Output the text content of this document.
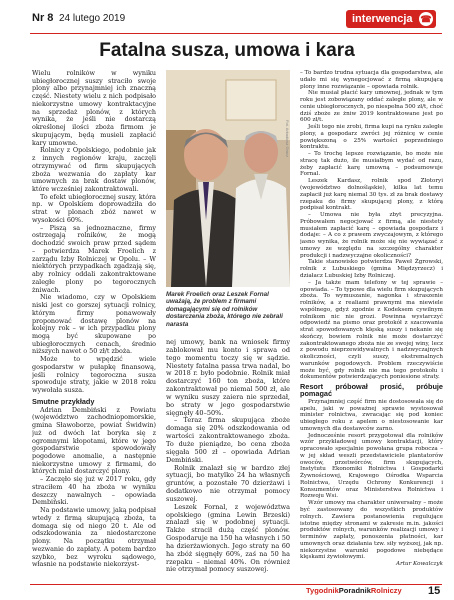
Nr 8 24 lutego 2019	interwencja ☎
Fatalna susza, umowa i kara

Wielu rolników w wyniku ubiegłorocznej suszy straciło swoje plony albo przynajmniej ich znaczną część. Niestety wielu z nich podpisało niekorzystne umowy kontraktacyjne na sprzedaż plonów, z których wynika, że jeśli nie dostarczą określonej ilości zboża firmom je skupującym, będą musieli zapłacić kary umowne.

Rolnicy z Opolskiego, podobnie jak z innych regionów kraju, zaczęli otrzymywać od firm skupujących zboża wezwania do zapłaty kar umownych za brak dostaw plonów, które wcześniej zakontraktowali.

To efekt ubiegłorocznej suszy, która np. w Opolskiem doprowadziła do strat w plonach zbóż nawet w wysokości 60%.

– Piszą sa jednoznaczne, firmy ostrzegają rolników, że mogą dochodzić swoich praw przed sądem – potwierdza Marek Froelich z zarządu Izby Rolniczej w Opolu. – W niektórych przypadkach zgadzają się, aby rolnicy oddali zakontraktowane zaległe plony po tegorocznych żniwach.

Nie wiadomo, czy w Opolskiem niski jest co gorszej sytuacji rolnicy, którym firmy ponawowały proponować dostawę plonów na kolejny rok – w ich przypadku plony mogą być skupowane po ubiegłorocznych cenach, średnio niższych nawet o 50 zł/t zboża.

Może to wpędzić wiele gospodarstw w pułapkę finansową, jeśli rolnicy tegoroczna susza spowoduje straty, jakie w 2018 roku wywołała susza.

Smutne przykłady

Adrian Dembiński z Powiatu (województwo zachodniopomorskie, gmina Sławoborze, powiat Świdwin) już od dwóch lat boryka się z ogromnymi kłopotami, które w jego gospodarstwie spowodowały pogodowe anomalie, a następnie niekorzystne umowy z firmami, do których miał dostarczyć plony.

– Zaczęło się już w 2017 roku, gdy straciłem 40 ha zboża w wyniku deszczy nawalnych – opowiada Dembiński.

Na podstawie umowy, jaką podpisał wtedy z firmą skupującą zboża, ta domaga się od niego 20 t. Ale od odszkodowania za niedostarczone plony. Na początku otrzymał wezwanie do zapłaty. A potem bardzo szybko, bez wyroku sądowego, własnie na podstawie niekorzyst-

Fot. Arkadiusz Gracz
Marek Froelich oraz Leszek Fornal uważają, że problem z firmami domagającymi się od rolników dostarczenia zboża, którego nie zebrali narasta

nej umowy, bank na wniosek firmy zablokował mu konto i sprawa od tego momentu toczy się w sądzie. Niestety fatalna passa trwa nadal, bo w 2018 r. było podobnie. Rolnik miał dostarczyć 160 ton zboża, które zakontraktował po niemal 500 zł, ale w wyniku suszy zaiera nie sprzedał, bo straty w jego gospodarstwie sięgnęły 40–50%.

– Teraz firma skupująca zboże domaga się 20% odszkodowania od wartości zakontraktowanego zboża. To duże pieniądze, bo cena zboża sięgała 500 zł – opowiada Adrian Dembiński.

Rolnik znalazł się w bardzo złej sytuacji, bo matylko 24 ha własnych gruntów, a pozostałe 70 dzierżawi i dodatkowo nie otrzymał pomocy suszowej.

Leszek Fornal, z województwa opolskiego (gmina Lewin Brzeski) znalazł się w podobnej sytuacji. Także stracił dużą część plonów. Gospodaruje na 150 ha własnych i 50 ha dzierżawionych. Jego straty na 60 ha zbóż sięgnęły 60%, zaś na 50 ha rzepaku – niemal 40%. On również nie otrzymał pomocy suszowej.

– To bardzo trudna sytuacja dla gospodarstwa, ale udało mi się wynegocjować z firmą skupującą plony inne rozwiązanie – opowiada rolnik.

Nie musiał płacić kary umownej, jednak w tym roku jest zobowiązany oddać zaległe plony, ale w cenie ubiegłorocznych, po niespełna 500 zł/t, choć dziś zboże ze żniw 2019 kontraktowane jest po 600 zł/t.

Jeśli tego nie zrobi, firma kupi na rynku zaległe plony, a gospodarz zwróci jej różnicę w cenie powiększoną o 25% wartości poprzedniego kontraktu.

– To trochę lepsze rozwiązanie, bo może nie stracę tak dużo, ile musiałbym wydać od razu, żeby zapłacić karę umowną – podsumowuje Fornal.

Leszek Kardasz, rolnik spod Złotoryi (województwo dolnośląskie), kilka lat temu zapłacił już karę niemal 30 tys. zł za brak dostawy rzepaku do firmy skupującej plony, z którą podpisał kontrakt.

– Umowa nie była zbyt precyzyjna. Próbowałem negocjować z firmą, ale niestety musiałem zapłacić karę – opowiada gospodarz i dodaje: – A co z prawem zwyczajowym, z którego jasno wynika, że rolnik może się nie wywiązać z umowy ze względu na szczególny charakter produkcji i nadzwyczajne okoliczności?

Takie stanowisko potwierdza Paweł Żgrowski, rolnik z Lubuskiego (gmina Międzyrzecz) i działacz Lubuskiej Izby Rolniczej.

– Ja także mam telefony w tej sprawie – opowiada. – To typowe dla wielu firm skupujących zboża. To wymuszanie, nagonka i straszenie rolników, a z realiami prawnymi ma niewiele wspólnego, gdyż zgodnie z Kodeksem cywilnym rolnikom nic nie grozi. Powinna wystarczyć odpowiedź na pismo oraz protokół z szacowania strat spowodowanych klęską suszy i nekanie się skończy, bowiem rolnik nie może dostarczyć zakontraktowanego zboża nie ze swojej winy, lecz z powodu nieprzewidywalnych i nadzwyczajnych okoliczności, czyli suszy, ekstremalnych warunków pogodowych. Problem rzeczywiście może być, gdy rolnik nie ma tego protokołu i dokumentów potwierdzających poniesione straty.

Resort próbował prosić, próbuje pomagać

Przynajmniej część firm nie dostosowała się do apelu, jaki w poważnej sprawie wystosował minister rolnictwa, zwracając się pod koniec ubiegłego roku z apelem o niestosowanie kar umownych dla dostawców zarno.

Jednocześnie resort przygotował dla rolników wzór przykładowej umowy kontraktacji, który opracowało specjalnie powołana grupa robocza – w jej skład weszli przedstawiciele plantatorów owoców, przetwórców, firm skupujących, Instytutu Ekonomiki Rolnictwa i Gospodarki Żywnościowej, Krajowego Ośrodka Wsparcia Rolnictwa, Urzędu Ochrony Konkurencji i Konsumentów oraz Ministerstwa Rolnictwa i Rozwoju Wsi.

Wzór umowy ma charakter uniwersalny – może być zastosowany do wszystkich produktów rolnych. Zawiera postanowienia regulujące istotne między stronami w zakresie m.in. jakości produktów rolnych, warunków realizacji umowy i terminów zapłaty, ponoszenia płatności, kar umownych oraz działania tzw. siły wyższej, jak np. niekorzystne warunki pogodowe niebędące klęskami żywiołowymi.

Artur Kowalczyk

TygodnikPoradnikRolniczy 15
